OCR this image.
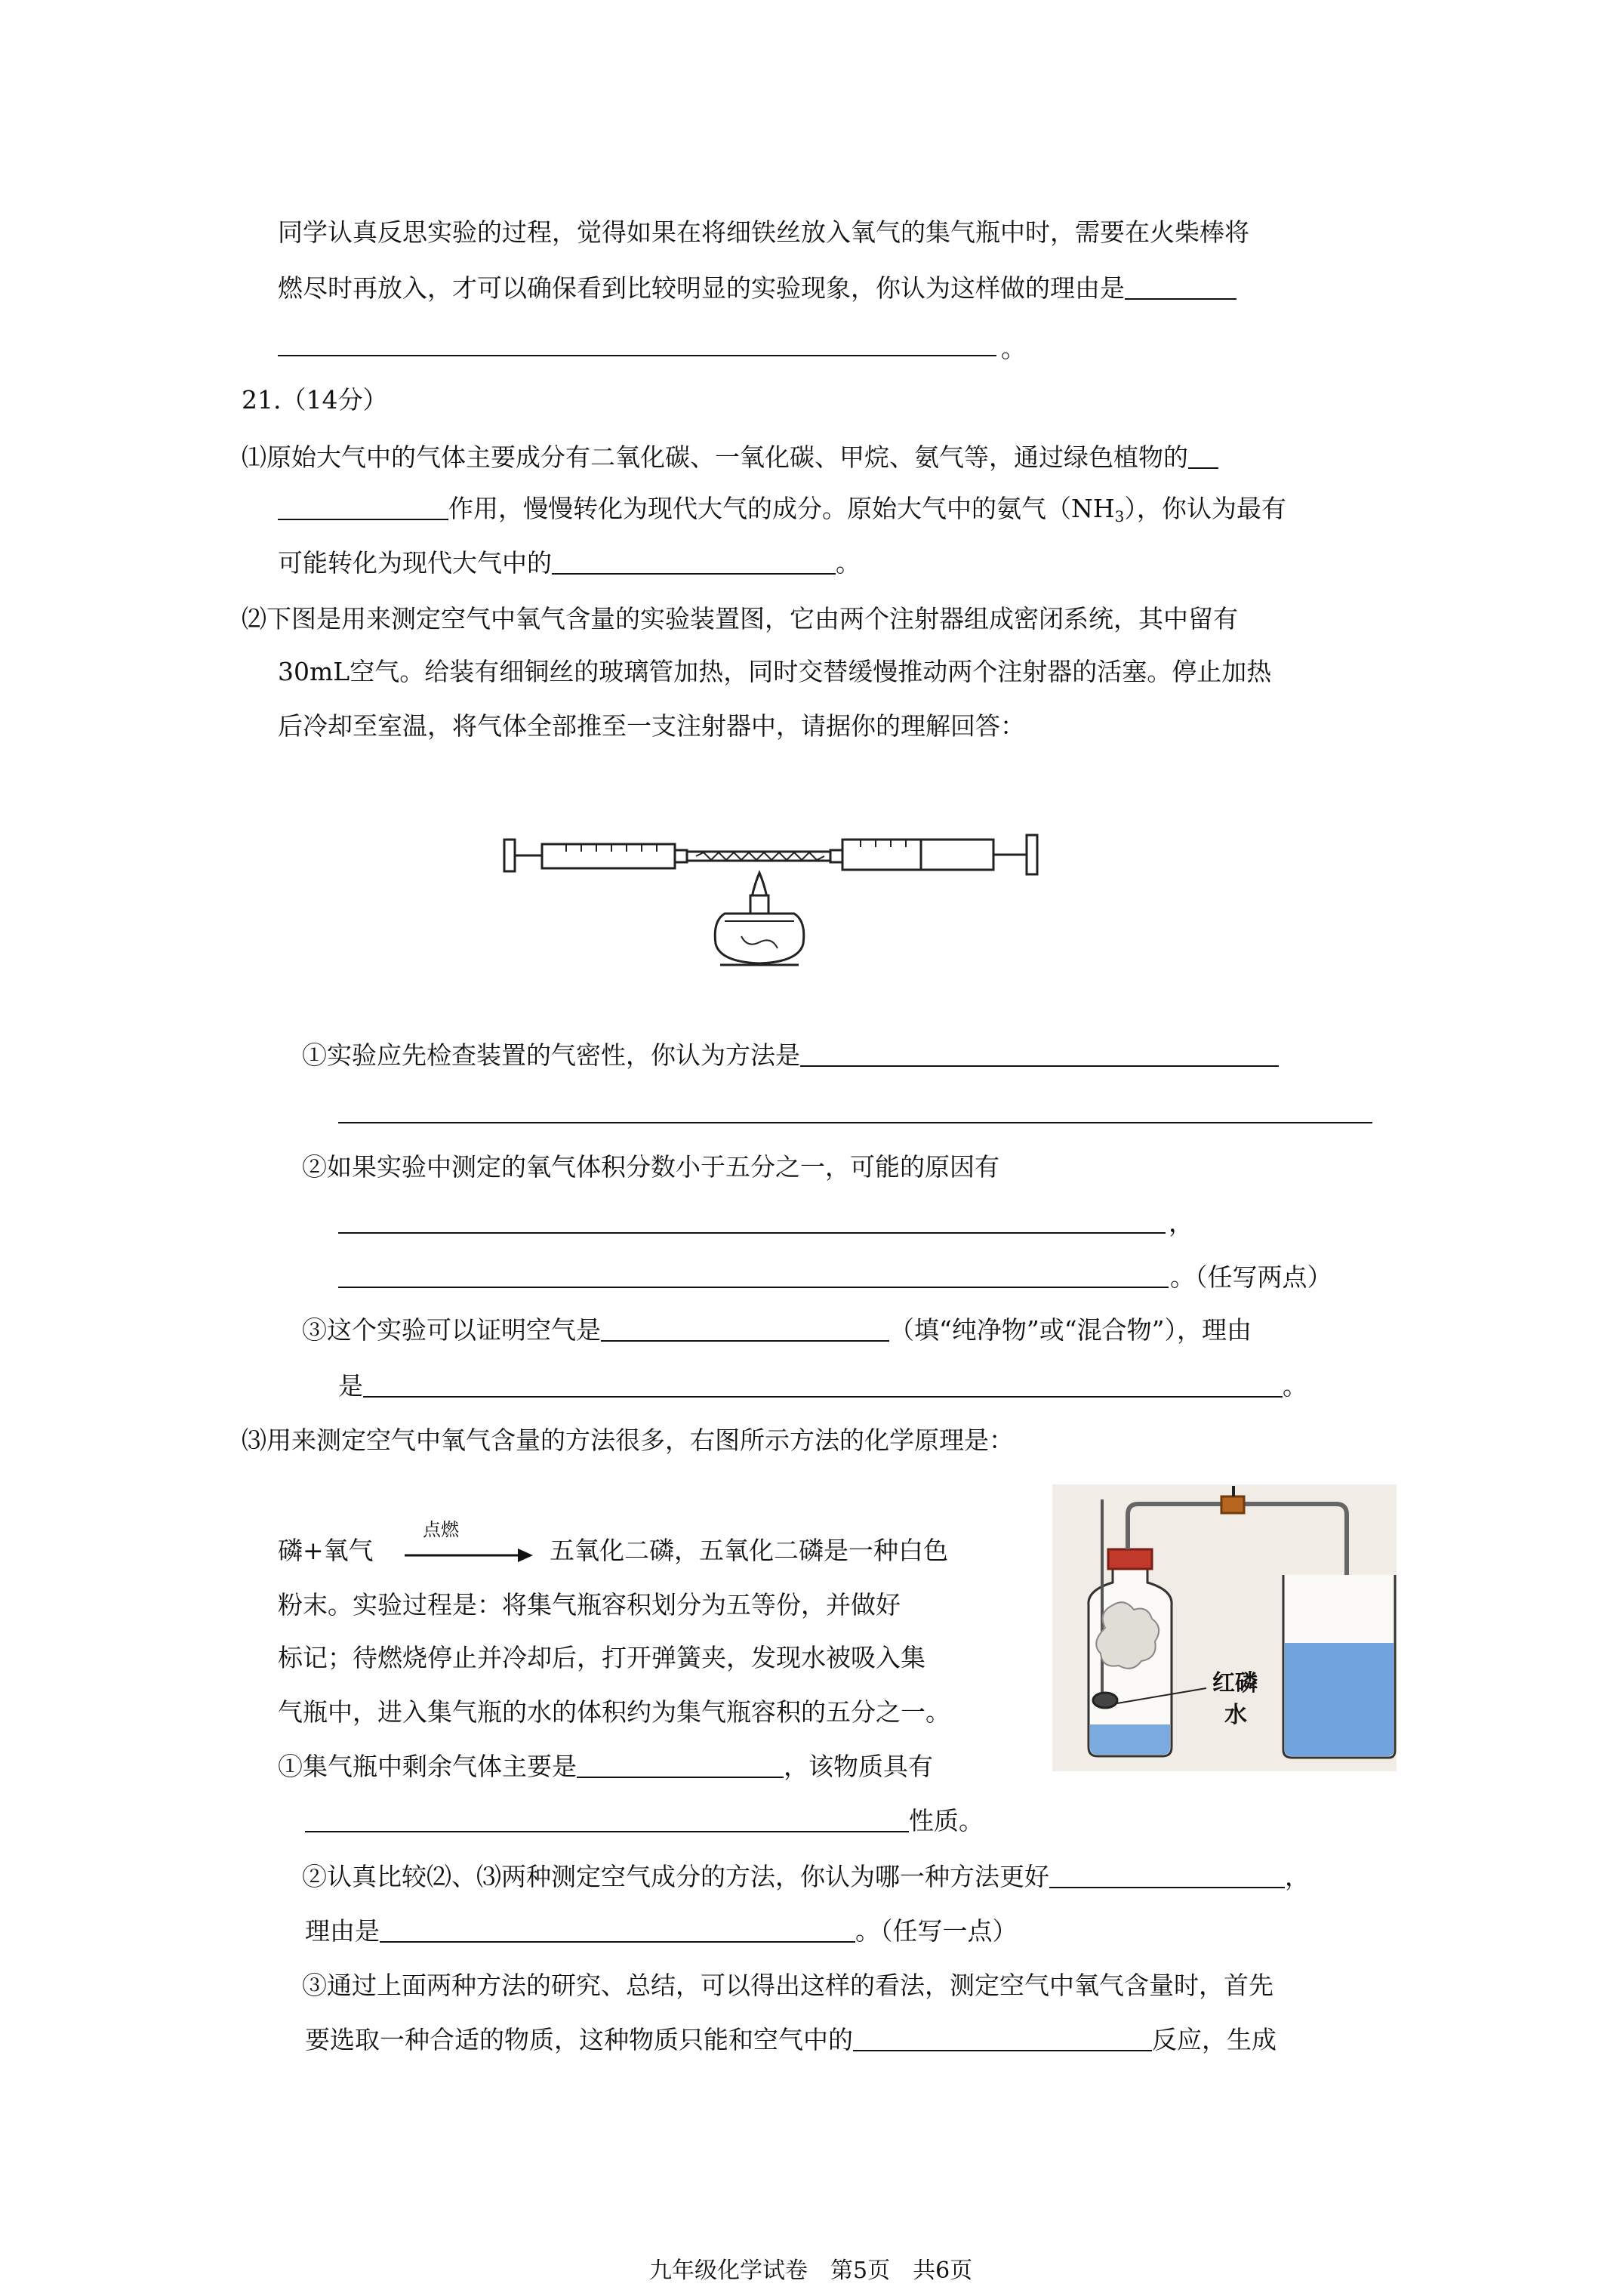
同学认真反思实验的过程，觉得如果在将细铁丝放入氧气的集气瓶中时，需要在火柴棒将
燃尽时再放入，才可以确保看到比较明显的实验现象，你认为这样做的理由是
。
21.（14分）
⑴原始大气中的气体主要成分有二氧化碳、一氧化碳、甲烷、氨气等，通过绿色植物的
作用，慢慢转化为现代大气的成分。原始大气中的氨气$(NH_3)$，你认为最有
可能转化为现代大气中的	。
⑵下图是用来测定空气中氧气含量的实验装置图，它由两个注射器组成密闭系统，其中留有
30mL空气。给装有细铜丝的玻璃管加热，同时交替缓慢推动两个注射器的活塞。停止加热
后冷却至室温，将气体全部推至一支注射器中，请据你的理解回答：
①实验应先检查装置的气密性，你认为方法是
②如果实验中测定的氧气体积分数小于五分之一，可能的原因有
，
。（任写两点）
③这个实验可以证明空气是	（填“纯净物”或“混合物”），理由
是	。
⑶用来测定空气中氧气含量的方法很多，右图所示方法的化学原理是：
磷+氧气
点燃
五氧化二磷，五氧化二磷是一种白色
粉末。实验过程是：将集气瓶容积划分为五等份，并做好
标记；待燃烧停止并冷却后，打开弹簧夹，发现水被吸入集
气瓶中，进入集气瓶的水的体积约为集气瓶容积的五分之一。
①集气瓶中剩余气体主要是	，该物质具有
性质。
②认真比较⑵、⑶两种测定空气成分的方法，你认为哪一种方法更好	，
理由是	。（任写一点）
③通过上面两种方法的研究、总结，可以得出这样的看法，测定空气中氧气含量时，首先
要选取一种合适的物质，这种物质只能和空气中的	反应，生成
红磷
水
九年级化学试卷　第5页　共6页
